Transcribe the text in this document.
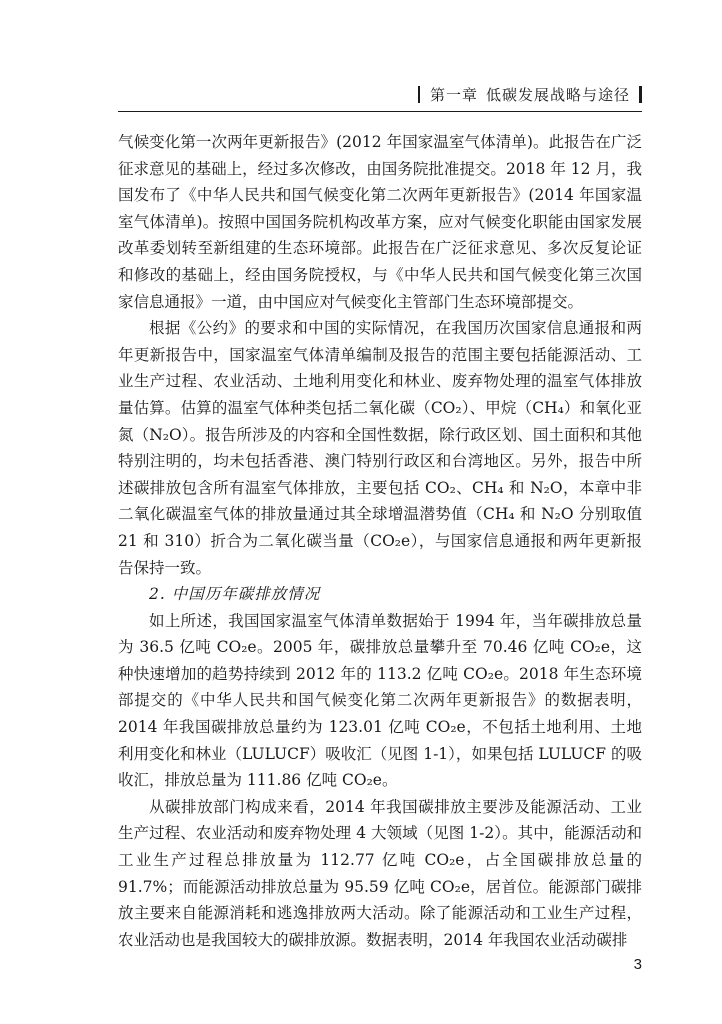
第一章 低碳发展战略与途径

气候变化第一次两年更新报告》(2012 年国家温室气体清单)。此报告在广泛征求意见的基础上，经过多次修改，由国务院批准提交。2018 年 12 月，我国发布了《中华人民共和国气候变化第二次两年更新报告》(2014 年国家温室气体清单)。按照中国国务院机构改革方案，应对气候变化职能由国家发展改革委划转至新组建的生态环境部。此报告在广泛征求意见、多次反复论证和修改的基础上，经由国务院授权，与《中华人民共和国气候变化第三次国家信息通报》一道，由中国应对气候变化主管部门生态环境部提交。

根据《公约》的要求和中国的实际情况，在我国历次国家信息通报和两年更新报告中，国家温室气体清单编制及报告的范围主要包括能源活动、工业生产过程、农业活动、土地利用变化和林业、废弃物处理的温室气体排放量估算。估算的温室气体种类包括二氧化碳（CO₂）、甲烷（CH₄）和氧化亚氮（N₂O）。报告所涉及的内容和全国性数据，除行政区划、国土面积和其他特别注明的，均未包括香港、澳门特别行政区和台湾地区。另外，报告中所述碳排放包含所有温室气体排放，主要包括 CO₂、CH₄ 和 N₂O，本章中非二氧化碳温室气体的排放量通过其全球增温潜势值（CH₄ 和 N₂O 分别取值 21 和 310）折合为二氧化碳当量（CO₂e），与国家信息通报和两年更新报告保持一致。

2. 中国历年碳排放情况

如上所述，我国国家温室气体清单数据始于 1994 年，当年碳排放总量为 36.5 亿吨 CO₂e。2005 年，碳排放总量攀升至 70.46 亿吨 CO₂e，这种快速增加的趋势持续到 2012 年的 113.2 亿吨 CO₂e。2018 年生态环境部提交的《中华人民共和国气候变化第二次两年更新报告》的数据表明，2014 年我国碳排放总量约为 123.01 亿吨 CO₂e，不包括土地利用、土地利用变化和林业（LULUCF）吸收汇（见图 1-1），如果包括 LULUCF 的吸收汇，排放总量为 111.86 亿吨 CO₂e。

从碳排放部门构成来看，2014 年我国碳排放主要涉及能源活动、工业生产过程、农业活动和废弃物处理 4 大领域（见图 1-2）。其中，能源活动和工业生产过程总排放量为 112.77 亿吨 CO₂e，占全国碳排放总量的 91.7%；而能源活动排放总量为 95.59 亿吨 CO₂e，居首位。能源部门碳排放主要来自能源消耗和逃逸排放两大活动。除了能源活动和工业生产过程，农业活动也是我国较大的碳排放源。数据表明，2014 年我国农业活动碳排

3
